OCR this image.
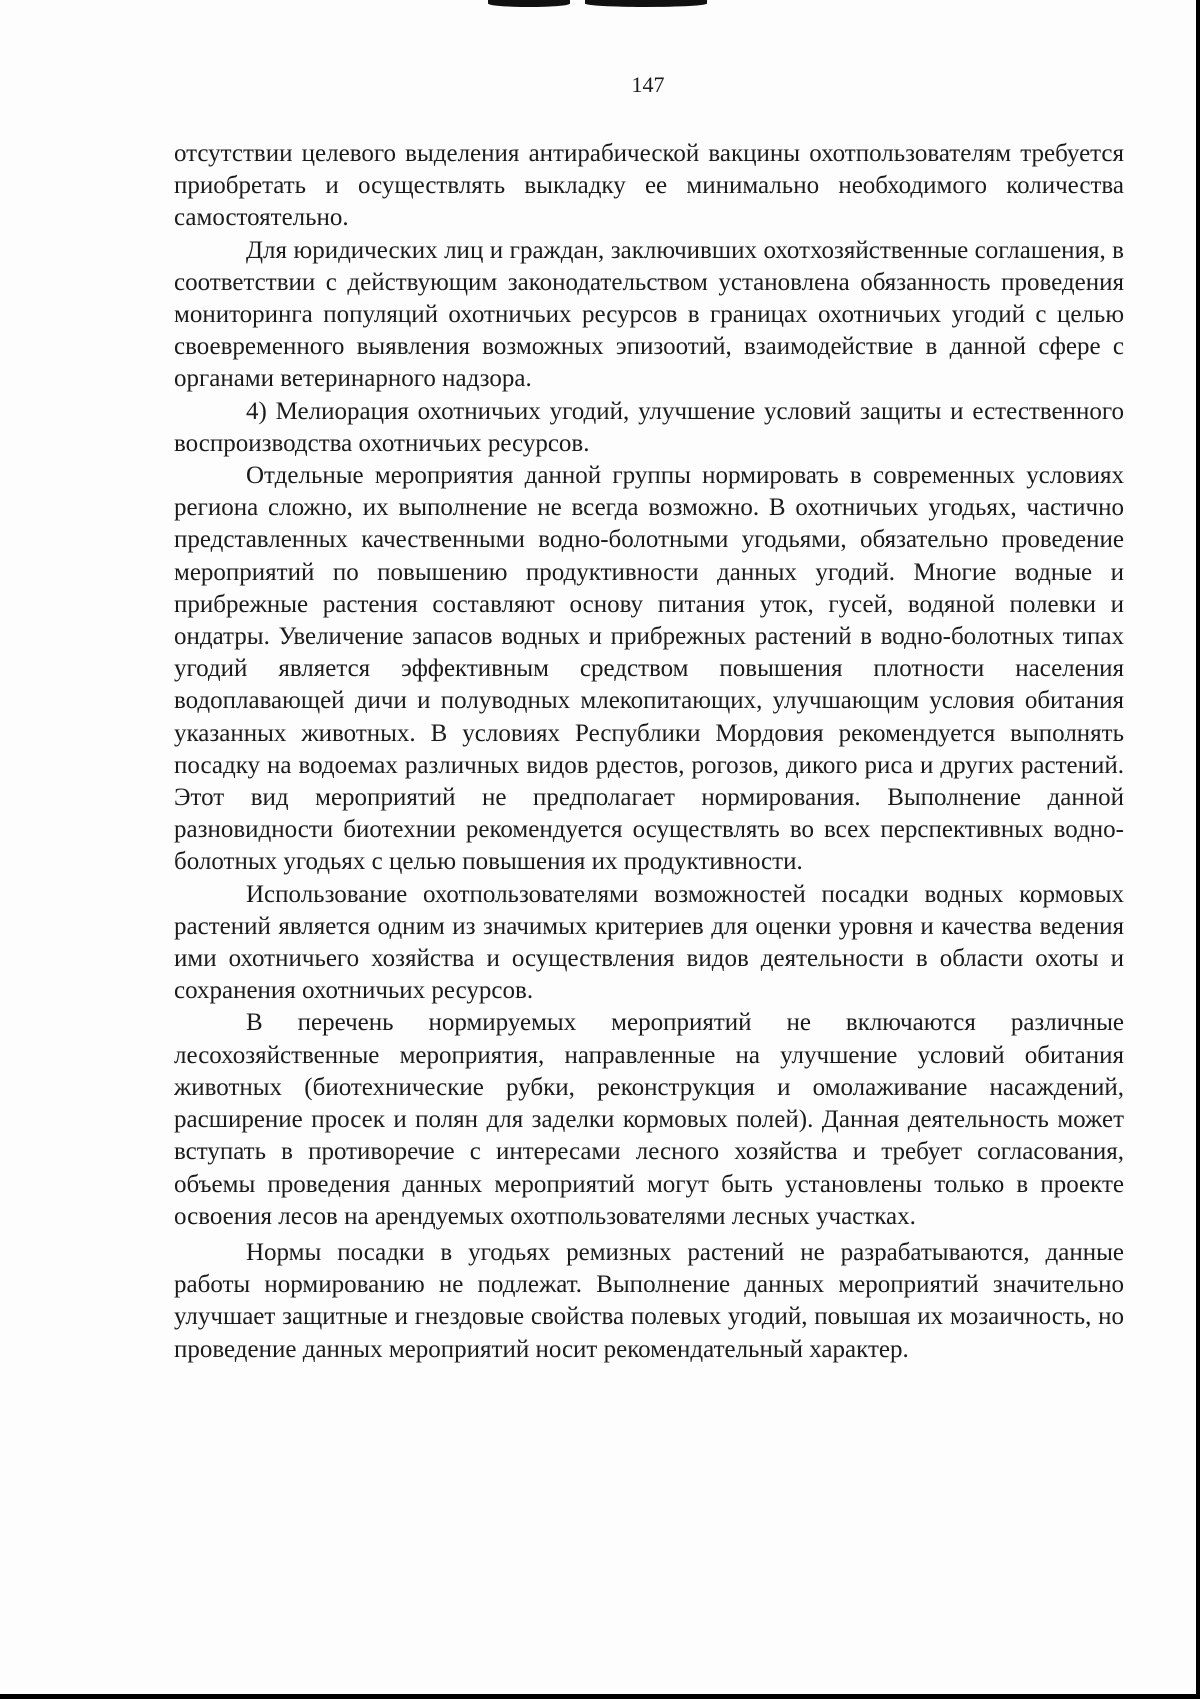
147

отсутствии целевого выделения антирабической вакцины охотпользователям требуется приобретать и осуществлять выкладку ее минимально необходимого количества самостоятельно.

Для юридических лиц и граждан, заключивших охотхозяйственные соглашения, в соответствии с действующим законодательством установлена обязанность проведения мониторинга популяций охотничьих ресурсов в границах охотничьих угодий с целью своевременного выявления возможных эпизоотий, взаимодействие в данной сфере с органами ветеринарного надзора.

4) Мелиорация охотничьих угодий, улучшение условий защиты и естественного воспроизводства охотничьих ресурсов.

Отдельные мероприятия данной группы нормировать в современных условиях региона сложно, их выполнение не всегда возможно. В охотничьих угодьях, частично представленных качественными водно-болотными угодьями, обязательно проведение мероприятий по повышению продуктивности данных угодий. Многие водные и прибрежные растения составляют основу питания уток, гусей, водяной полевки и ондатры. Увеличение запасов водных и прибрежных растений в водно-болотных типах угодий является эффективным средством повышения плотности населения водоплавающей дичи и полуводных млекопитающих, улучшающим условия обитания указанных животных. В условиях Республики Мордовия рекомендуется выполнять посадку на водоемах различных видов рдестов, рогозов, дикого риса и других растений. Этот вид мероприятий не предполагает нормирования. Выполнение данной разновидности биотехнии рекомендуется осуществлять во всех перспективных водно-болотных угодьях с целью повышения их продуктивности.

Использование охотпользователями возможностей посадки водных кормовых растений является одним из значимых критериев для оценки уровня и качества ведения ими охотничьего хозяйства и осуществления видов деятельности в области охоты и сохранения охотничьих ресурсов.

В перечень нормируемых мероприятий не включаются различные лесохозяйственные мероприятия, направленные на улучшение условий обитания животных (биотехнические рубки, реконструкция и омолаживание насаждений, расширение просек и полян для заделки кормовых полей). Данная деятельность может вступать в противоречие с интересами лесного хозяйства и требует согласования, объемы проведения данных мероприятий могут быть установлены только в проекте освоения лесов на арендуемых охотпользователями лесных участках.

Нормы посадки в угодьях ремизных растений не разрабатываются, данные работы нормированию не подлежат. Выполнение данных мероприятий значительно улучшает защитные и гнездовые свойства полевых угодий, повышая их мозаичность, но проведение данных мероприятий носит рекомендательный характер.
